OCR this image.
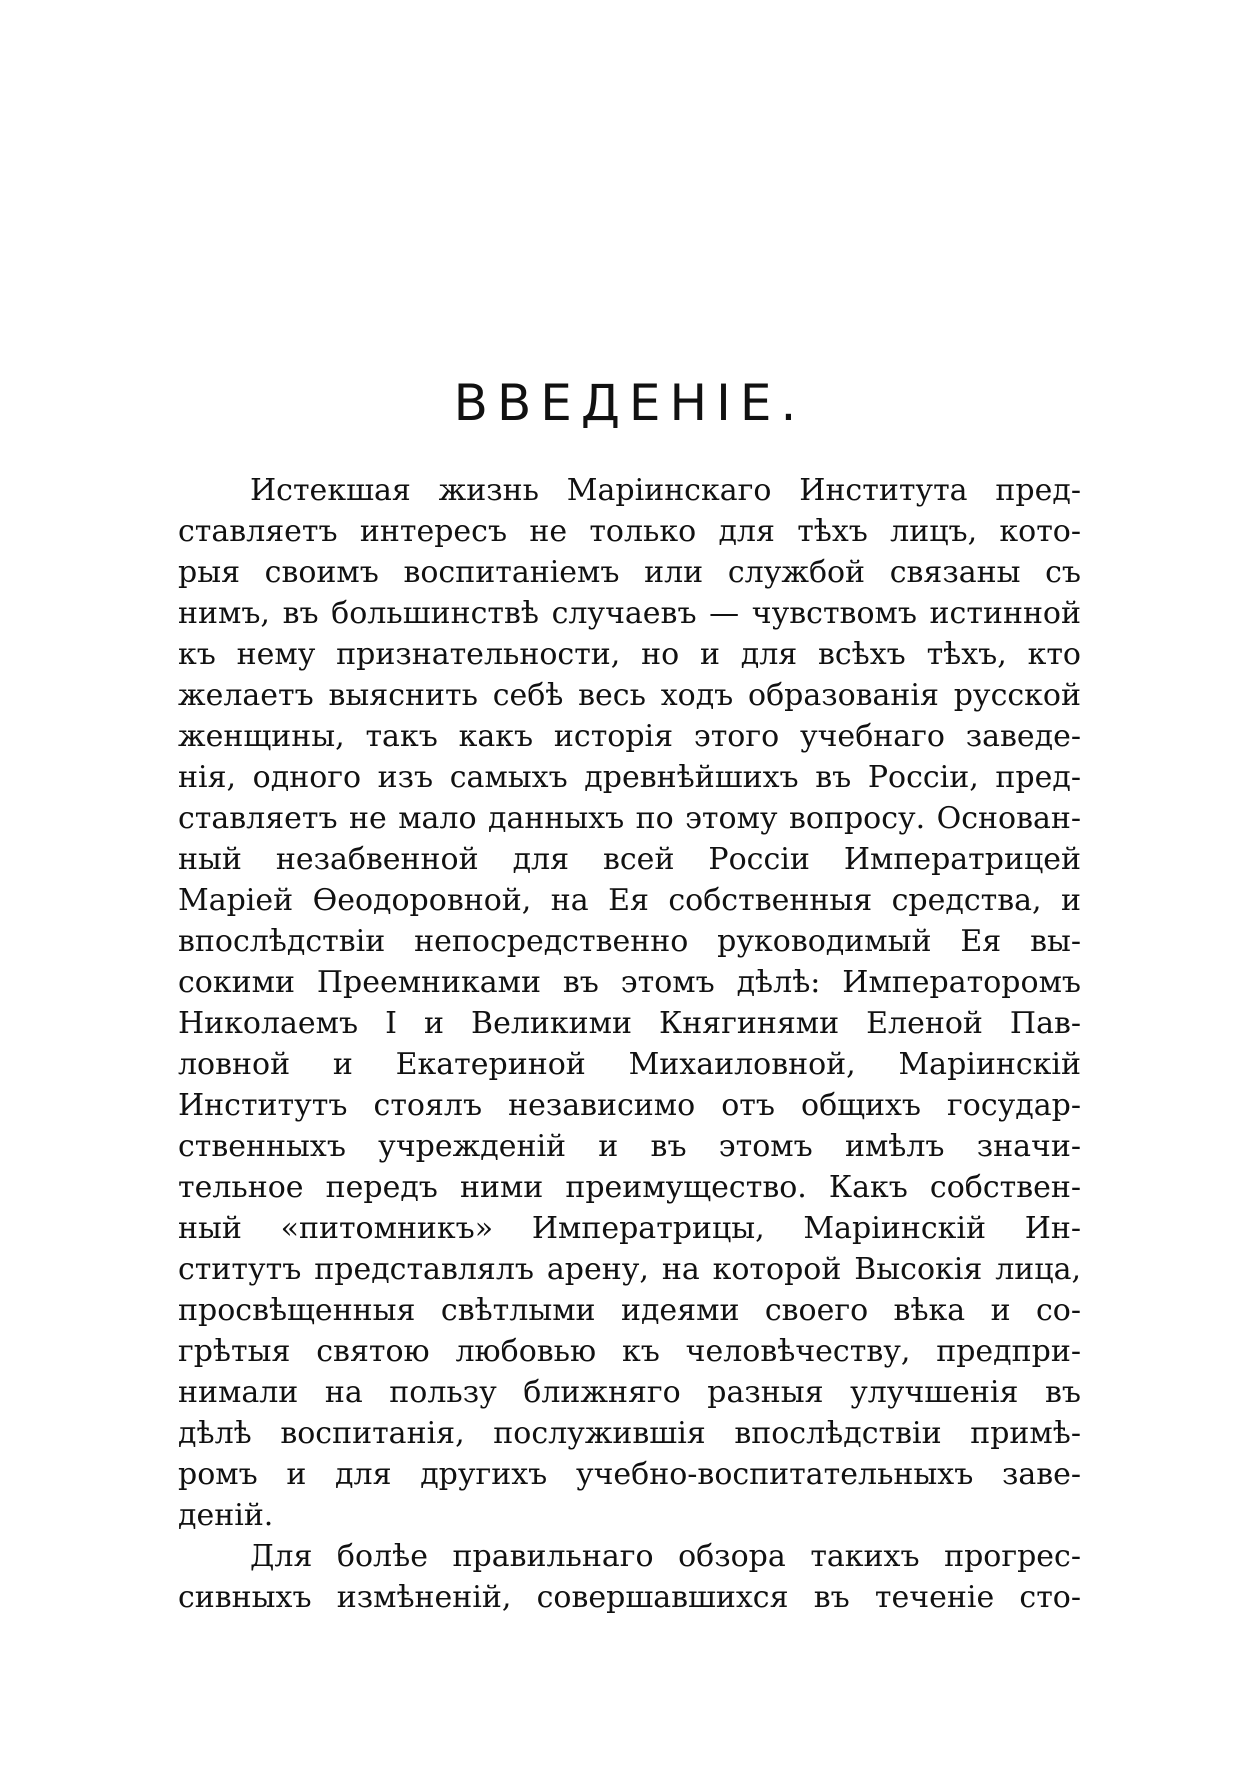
ВВЕДЕНІЕ.
Истекшая жизнь Маріинскаго Института пред-
ставляетъ интересъ не только для тѣхъ лицъ, кото-
рыя своимъ воспитаніемъ или службой связаны съ
нимъ, въ большинствѣ случаевъ — чувствомъ истинной
къ нему признательности, но и для всѣхъ тѣхъ, кто
желаетъ выяснить себѣ весь ходъ образованія русской
женщины, такъ какъ исторія этого учебнаго заведе-
нія, одного изъ самыхъ древнѣйшихъ въ Россіи, пред-
ставляетъ не мало данныхъ по этому вопросу. Основан-
ный незабвенной для всей Россіи Императрицей
Маріей Ѳеодоровной, на Ея собственныя средства, и
впослѣдствіи непосредственно руководимый Ея вы-
сокими Преемниками въ этомъ дѣлѣ: Императоромъ
Николаемъ I и Великими Княгинями Еленой Пав-
ловной и Екатериной Михаиловной, Маріинскій
Институтъ стоялъ независимо отъ общихъ государ-
ственныхъ учрежденій и въ этомъ имѣлъ значи-
тельное передъ ними преимущество. Какъ собствен-
ный «питомникъ» Императрицы, Маріинскій Ин-
ститутъ представлялъ арену, на которой Высокія лица,
просвѣщенныя свѣтлыми идеями своего вѣка и со-
грѣтыя святою любовью къ человѣчеству, предпри-
нимали на пользу ближняго разныя улучшенія въ
дѣлѣ воспитанія, послужившія впослѣдствіи примѣ-
ромъ и для другихъ учебно-воспитательныхъ заве-
деній.
Для болѣе правильнаго обзора такихъ прогрес-
сивныхъ измѣненій, совершавшихся въ теченіе сто-
